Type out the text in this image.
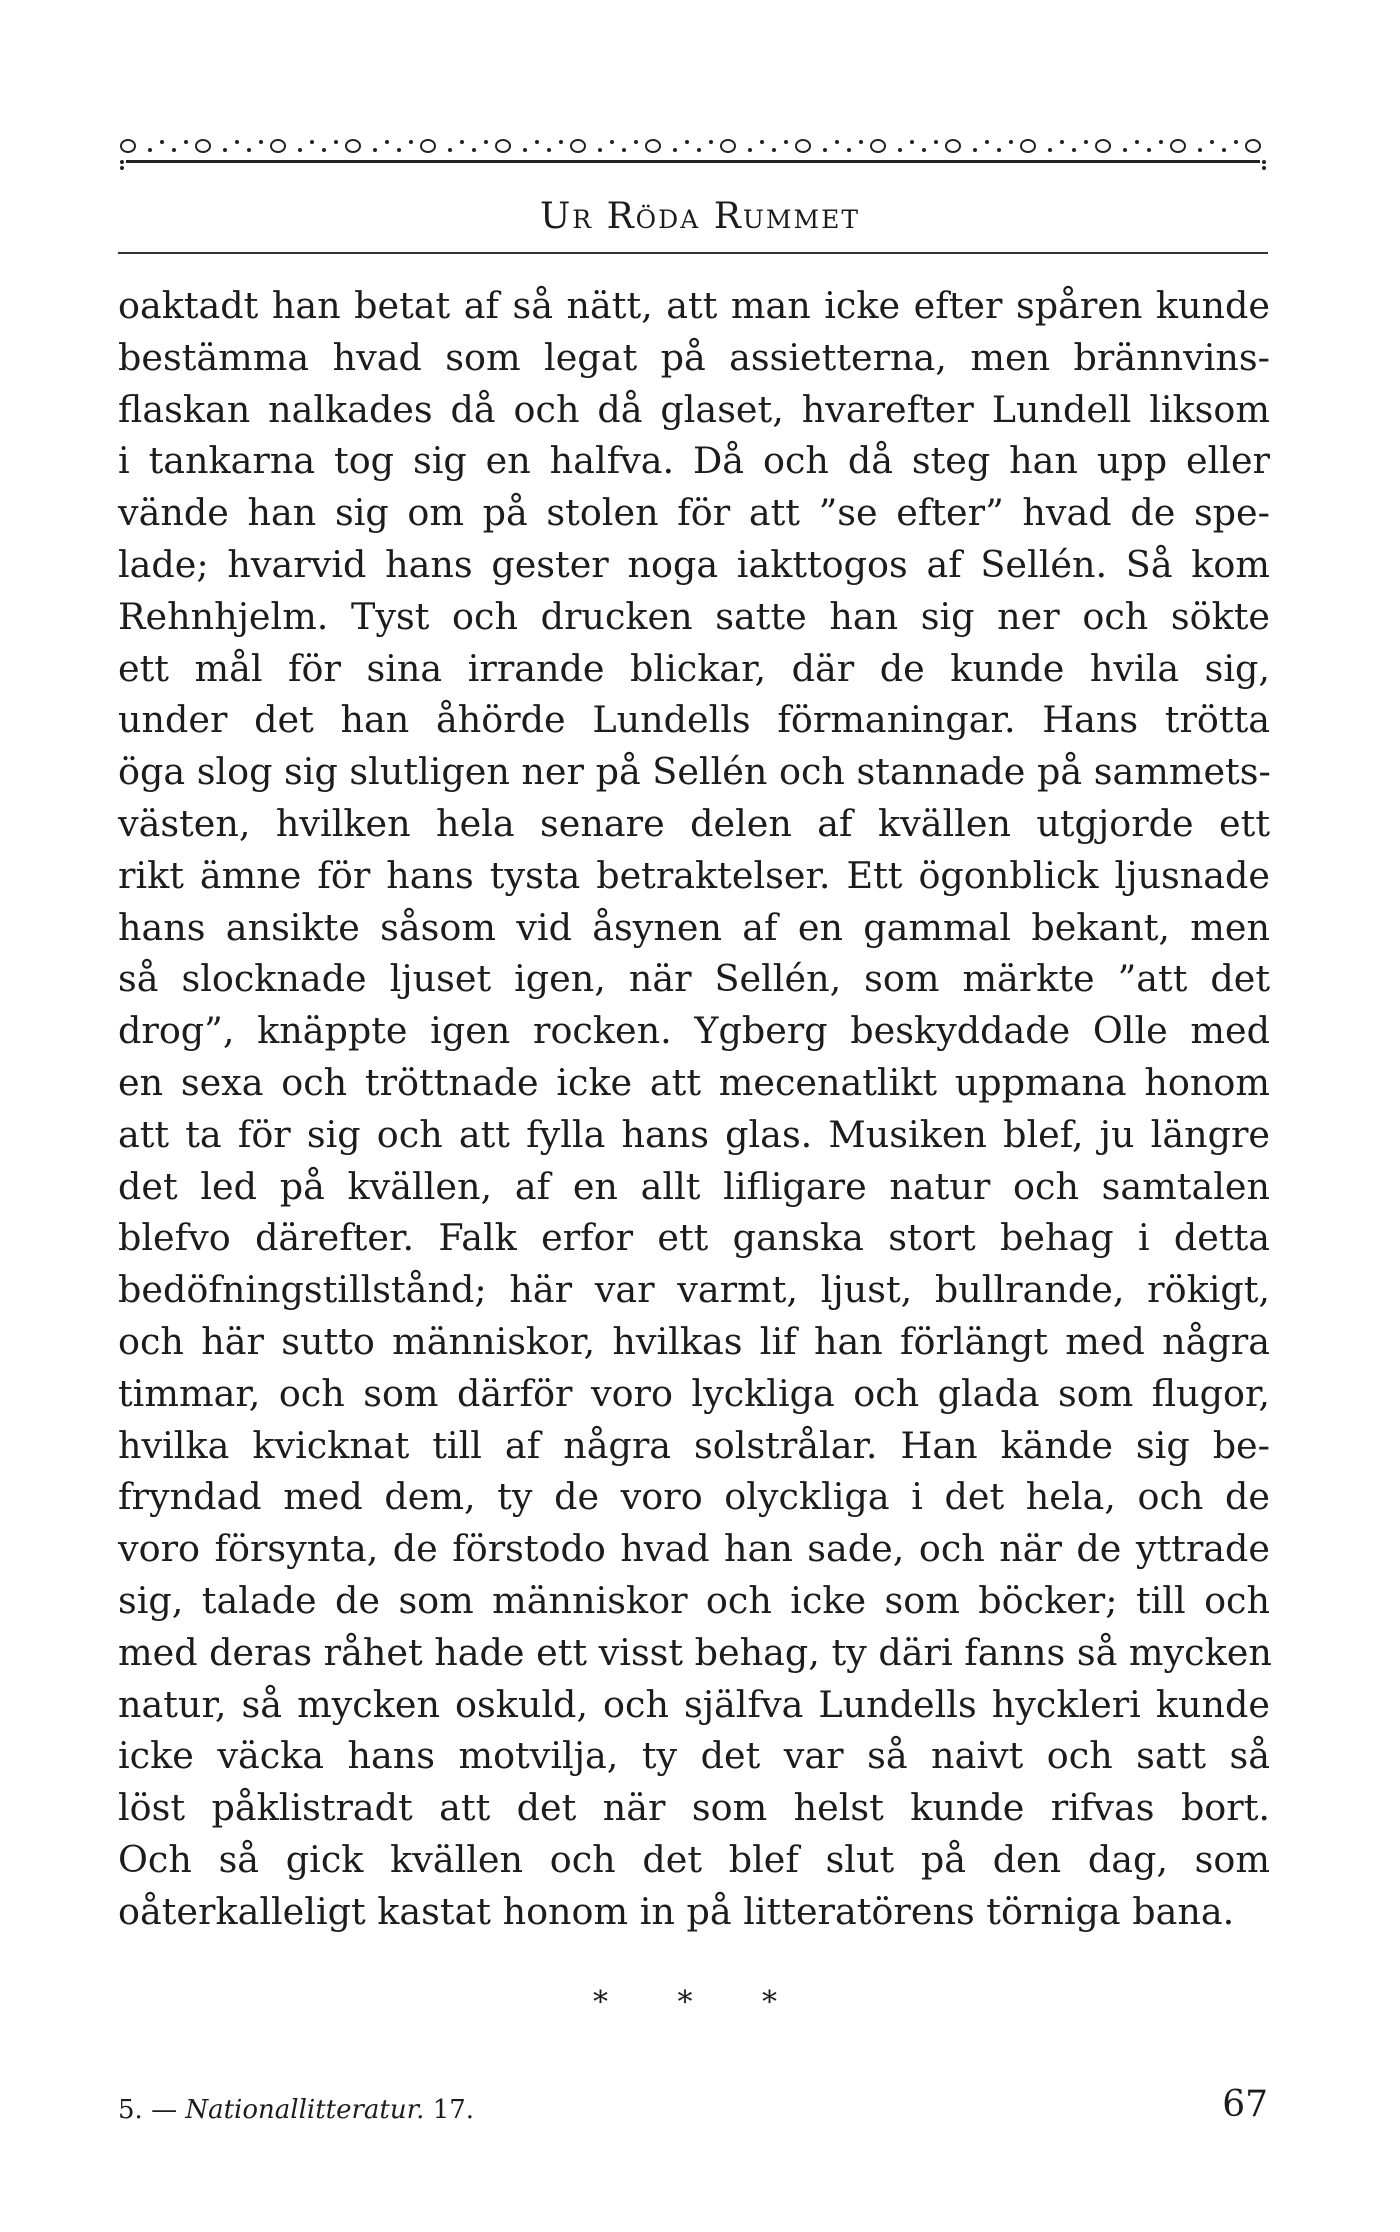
Ur Röda Rummet
oaktadt han betat af så nätt, att man icke efter spåren kunde
bestämma hvad som legat på assietterna, men brännvins-
flaskan nalkades då och då glaset, hvarefter Lundell liksom
i tankarna tog sig en halfva. Då och då steg han upp eller
vände han sig om på stolen för att ”se efter” hvad de spe-
lade; hvarvid hans gester noga iakttogos af Sellén. Så kom
Rehnhjelm. Tyst och drucken satte han sig ner och sökte
ett mål för sina irrande blickar, där de kunde hvila sig,
under det han åhörde Lundells förmaningar. Hans trötta
öga slog sig slutligen ner på Sellén och stannade på sammets-
västen, hvilken hela senare delen af kvällen utgjorde ett
rikt ämne för hans tysta betraktelser. Ett ögonblick ljusnade
hans ansikte såsom vid åsynen af en gammal bekant, men
så slocknade ljuset igen, när Sellén, som märkte ”att det
drog”, knäppte igen rocken. Ygberg beskyddade Olle med
en sexa och tröttnade icke att mecenatlikt uppmana honom
att ta för sig och att fylla hans glas. Musiken blef, ju längre
det led på kvällen, af en allt lifligare natur och samtalen
blefvo därefter. Falk erfor ett ganska stort behag i detta
bedöfningstillstånd; här var varmt, ljust, bullrande, rökigt,
och här sutto människor, hvilkas lif han förlängt med några
timmar, och som därför voro lyckliga och glada som flugor,
hvilka kvicknat till af några solstrålar. Han kände sig be-
fryndad med dem, ty de voro olyckliga i det hela, och de
voro försynta, de förstodo hvad han sade, och när de yttrade
sig, talade de som människor och icke som böcker; till och
med deras råhet hade ett visst behag, ty däri fanns så mycken
natur, så mycken oskuld, och själfva Lundells hyckleri kunde
icke väcka hans motvilja, ty det var så naivt och satt så
löst påklistradt att det när som helst kunde rifvas bort.
Och så gick kvällen och det blef slut på den dag, som
oåterkalleligt kastat honom in på litteratörens törniga bana.
* * *
5. — Nationallitteratur. 17.	67
